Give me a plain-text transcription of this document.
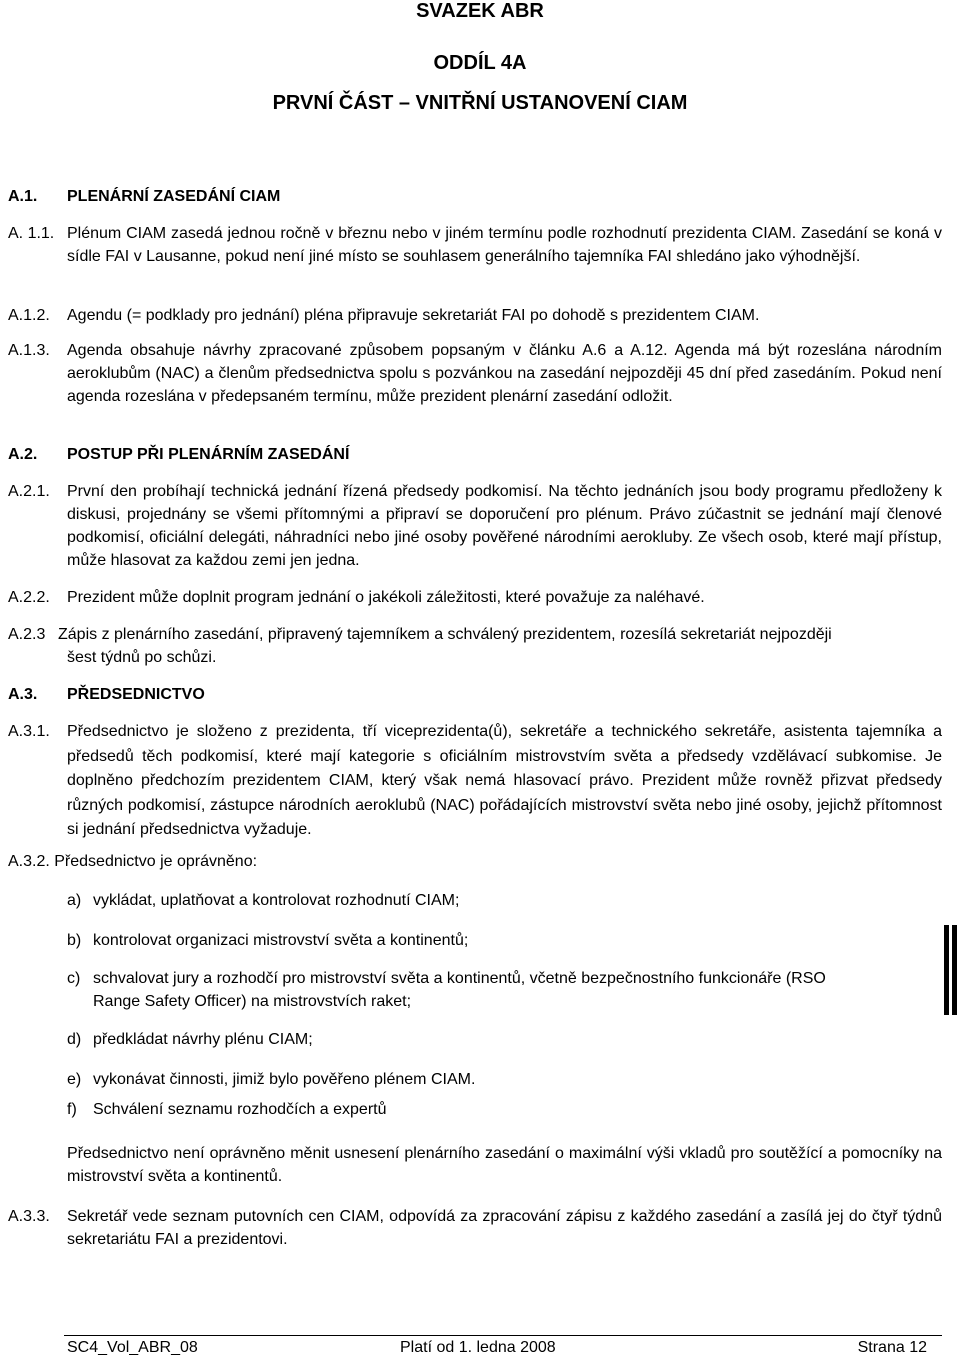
SVAZEK ABR
ODDÍL 4A
PRVNÍ ČÁST – VNITŘNÍ USTANOVENÍ CIAM
A.1. PLENÁRNÍ ZASEDÁNÍ CIAM
A. 1.1. Plénum CIAM zasedá jednou ročně v březnu nebo v jiném termínu podle rozhodnutí prezidenta CIAM. Zasedání se koná v sídle FAI v Lausanne, pokud není jiné místo se souhlasem generálního tajemníka FAI shledáno jako výhodnější.
A.1.2. Agendu (= podklady pro jednání) pléna připravuje sekretariát FAI po dohodě s prezidentem CIAM.
A.1.3. Agenda obsahuje návrhy zpracované způsobem popsaným v článku A.6 a A.12. Agenda má být rozeslána národním aeroklubům (NAC) a členům předsednictva spolu s pozvánkou na zasedání nejpozději 45 dní před zasedáním. Pokud není agenda rozeslána v předepsaném termínu, může prezident plenární zasedání odložit.
A.2. POSTUP PŘI PLENÁRNÍM ZASEDÁNÍ
A.2.1. První den probíhají technická jednání řízená předsedy podkomisí. Na těchto jednáních jsou body programu předloženy k diskusi, projednány se všemi přítomnými a připraví se doporučení pro plénum. Právo zúčastnit se jednání mají členové podkomisí, oficiální delegáti, náhradníci nebo jiné osoby pověřené národními aerokluby. Ze všech osob, které mají přístup, může hlasovat za každou zemi jen jedna.
A.2.2. Prezident může doplnit program jednání o jakékoli záležitosti, které považuje za naléhavé.
A.2.3 Zápis z plenárního zasedání, připravený tajemníkem a schválený prezidentem, rozesílá sekretariát nejpozději
šest týdnů po schůzi.
A.3. PŘEDSEDNICTVO
A.3.1. Předsednictvo je složeno z prezidenta, tří viceprezidenta(ů), sekretáře a technického sekretáře, asistenta tajemníka a předsedů těch podkomisí, které mají kategorie s oficiálním mistrovstvím světa a předsedy vzdělávací subkomise. Je doplněno předchozím prezidentem CIAM, který však nemá hlasovací právo. Prezident může rovněž přizvat předsedy různých podkomisí, zástupce národních aeroklubů (NAC) pořádajících mistrovství světa nebo jiné osoby, jejichž přítomnost si jednání předsednictva vyžaduje.
A.3.2. Předsednictvo je oprávněno:
a) vykládat, uplatňovat a kontrolovat rozhodnutí CIAM;
b) kontrolovat organizaci mistrovství světa a kontinentů;
c) schvalovat jury a rozhodčí pro mistrovství světa a kontinentů, včetně bezpečnostního funkcionáře (RSO
Range Safety Officer) na mistrovstvích raket;
d) předkládat návrhy plénu CIAM;
e) vykonávat činnosti, jimiž bylo pověřeno plénem CIAM.
f) Schválení seznamu rozhodčích a expertů
Předsednictvo není oprávněno měnit usnesení plenárního zasedání o maximální výši vkladů pro soutěžící a pomocníky na mistrovství světa a kontinentů.
A.3.3. Sekretář vede seznam putovních cen CIAM, odpovídá za zpracování zápisu z každého zasedání a zasílá jej do čtyř týdnů sekretariátu FAI a prezidentovi.
SC4_Vol_ABR_08	Platí od 1. ledna 2008	Strana 12
